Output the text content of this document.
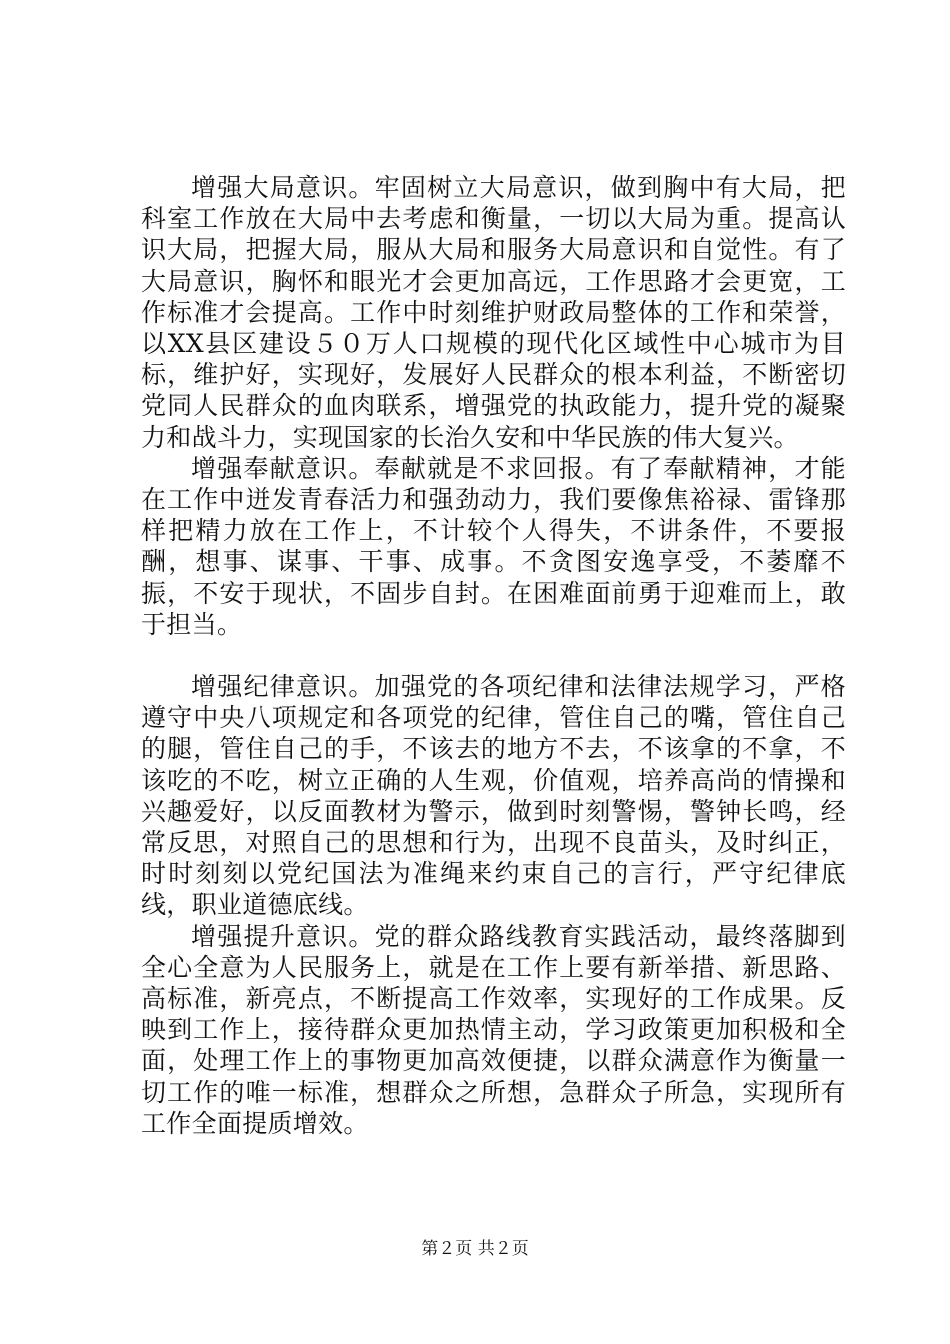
增强大局意识。牢固树立大局意识，做到胸中有大局，把科室工作放在大局中去考虑和衡量，一切以大局为重。提高认识大局，把握大局，服从大局和服务大局意识和自觉性。有了大局意识，胸怀和眼光才会更加高远，工作思路才会更宽，工作标准才会提高。工作中时刻维护财政局整体的工作和荣誉，以XX县区建设５０万人口规模的现代化区域性中心城市为目标，维护好，实现好，发展好人民群众的根本利益，不断密切党同人民群众的血肉联系，增强党的执政能力，提升党的凝聚力和战斗力，实现国家的长治久安和中华民族的伟大复兴。

增强奉献意识。奉献就是不求回报。有了奉献精神，才能在工作中迸发青春活力和强劲动力，我们要像焦裕禄、雷锋那样把精力放在工作上，不计较个人得失，不讲条件，不要报酬，想事、谋事、干事、成事。不贪图安逸享受，不萎靡不振，不安于现状，不固步自封。在困难面前勇于迎难而上，敢于担当。

增强纪律意识。加强党的各项纪律和法律法规学习，严格遵守中央八项规定和各项党的纪律，管住自己的嘴，管住自己的腿，管住自己的手，不该去的地方不去，不该拿的不拿，不该吃的不吃，树立正确的人生观，价值观，培养高尚的情操和兴趣爱好，以反面教材为警示，做到时刻警惕，警钟长鸣，经常反思，对照自己的思想和行为，出现不良苗头，及时纠正，时时刻刻以党纪国法为准绳来约束自己的言行，严守纪律底线，职业道德底线。

增强提升意识。党的群众路线教育实践活动，最终落脚到全心全意为人民服务上，就是在工作上要有新举措、新思路、高标准，新亮点，不断提高工作效率，实现好的工作成果。反映到工作上，接待群众更加热情主动，学习政策更加积极和全面，处理工作上的事物更加高效便捷，以群众满意作为衡量一切工作的唯一标准，想群众之所想，急群众子所急，实现所有工作全面提质增效。

第２页 共２页
